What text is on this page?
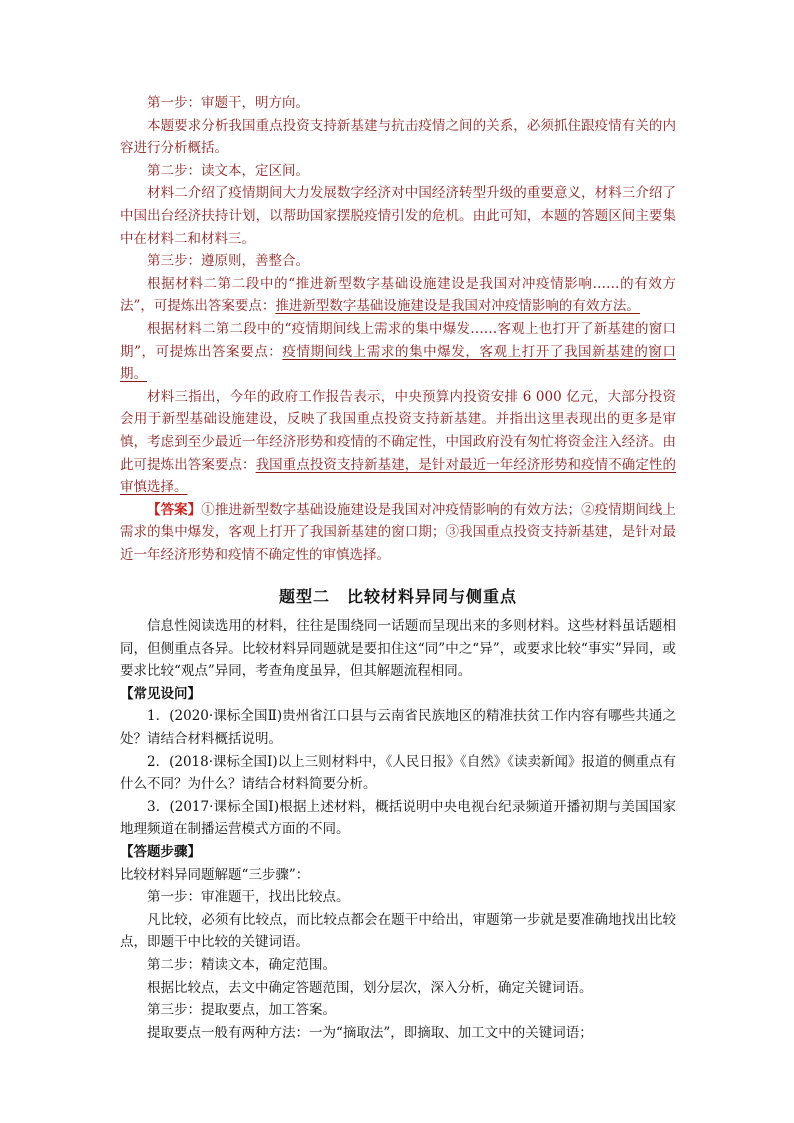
第一步：审题干，明方向。

本题要求分析我国重点投资支持新基建与抗击疫情之间的关系，必须抓住跟疫情有关的内容进行分析概括。

第二步：读文本，定区间。

材料二介绍了疫情期间大力发展数字经济对中国经济转型升级的重要意义，材料三介绍了中国出台经济扶持计划，以帮助国家摆脱疫情引发的危机。由此可知，本题的答题区间主要集中在材料二和材料三。

第三步：遵原则，善整合。

根据材料二第二段中的“推进新型数字基础设施建设是我国对冲疫情影响……的有效方法”，可提炼出答案要点：推进新型数字基础设施建设是我国对冲疫情影响的有效方法。

根据材料二第二段中的“疫情期间线上需求的集中爆发……客观上也打开了新基建的窗口期”，可提炼出答案要点：疫情期间线上需求的集中爆发，客观上打开了我国新基建的窗口期。

材料三指出，今年的政府工作报告表示，中央预算内投资安排 6 000 亿元，大部分投资会用于新型基础设施建设，反映了我国重点投资支持新基建。并指出这里表现出的更多是审慎，考虑到至少最近一年经济形势和疫情的不确定性，中国政府没有匆忙将资金注入经济。由此可提炼出答案要点：我国重点投资支持新基建，是针对最近一年经济形势和疫情不确定性的审慎选择。

【答案】①推进新型数字基础设施建设是我国对冲疫情影响的有效方法；②疫情期间线上需求的集中爆发，客观上打开了我国新基建的窗口期；③我国重点投资支持新基建，是针对最近一年经济形势和疫情不确定性的审慎选择。

题型二　比较材料异同与侧重点

信息性阅读选用的材料，往往是围绕同一话题而呈现出来的多则材料。这些材料虽话题相同，但侧重点各异。比较材料异同题就是要扣住这“同”中之“异”，或要求比较“事实”异同，或要求比较“观点”异同，考查角度虽异，但其解题流程相同。

【常见设问】

1．(2020·课标全国Ⅱ)贵州省江口县与云南省民族地区的精准扶贫工作内容有哪些共通之处？请结合材料概括说明。

2．(2018·课标全国Ⅰ)以上三则材料中，《人民日报》《自然》《读卖新闻》报道的侧重点有什么不同？为什么？请结合材料简要分析。

3．(2017·课标全国Ⅰ)根据上述材料，概括说明中央电视台纪录频道开播初期与美国国家地理频道在制播运营模式方面的不同。

【答题步骤】

比较材料异同题解题“三步骤”：

第一步：审准题干，找出比较点。

凡比较，必须有比较点，而比较点都会在题干中给出，审题第一步就是要准确地找出比较点，即题干中比较的关键词语。

第二步：精读文本，确定范围。

根据比较点，去文中确定答题范围，划分层次，深入分析，确定关键词语。

第三步：提取要点，加工答案。

提取要点一般有两种方法：一为“摘取法”，即摘取、加工文中的关键词语；
